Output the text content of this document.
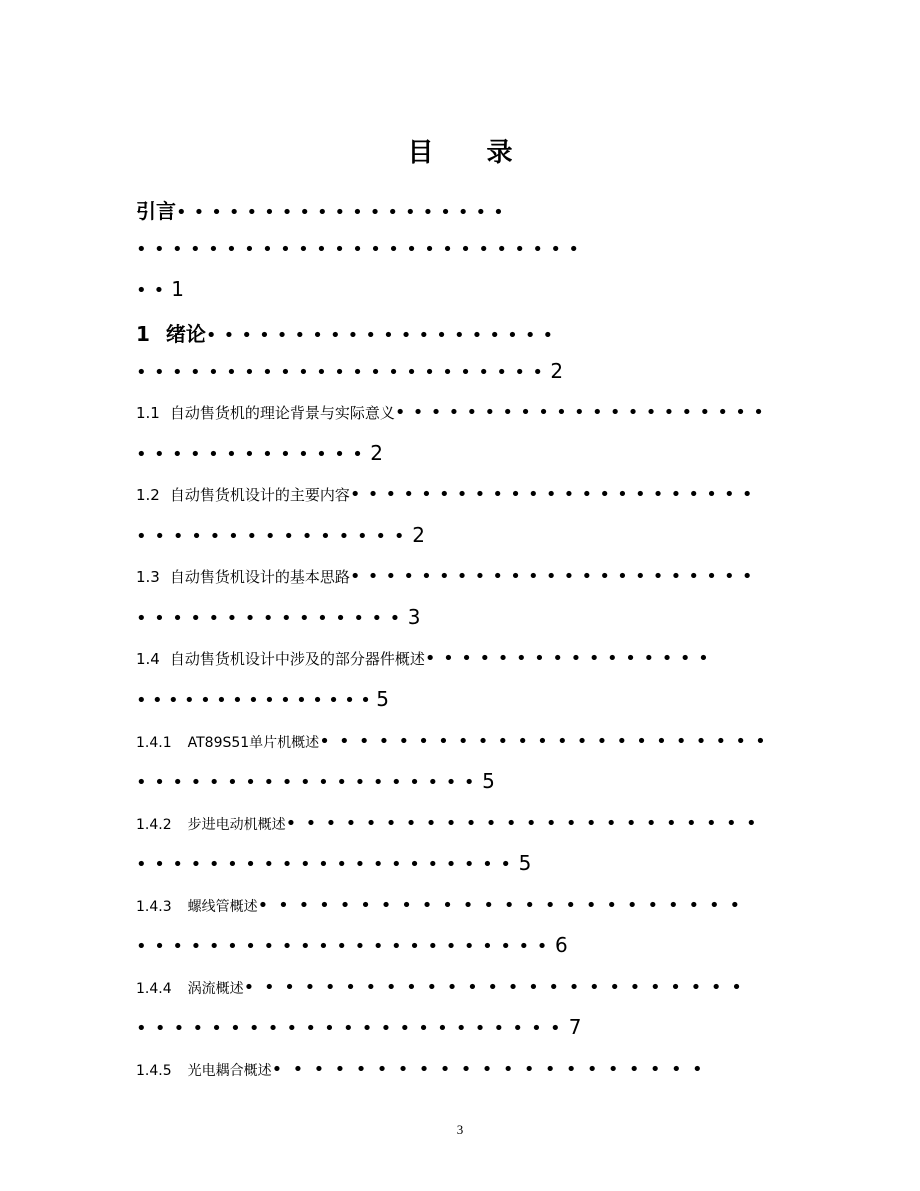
目 录
引言•••••••••••••••••••
•••••••••••••••••••••••••
••1
1 绪论••••••••••••••••••••
•••••••••••••••••••••••2
1.1 自动售货机的理论背景与实际意义•••••••••••••••••••••
•••••••••••••2
1.2 自动售货机设计的主要内容•••••••••••••••••••••••
•••••••••••••••2
1.3 自动售货机设计的基本思路•••••••••••••••••••••••
•••••••••••••••3
1.4 自动售货机设计中涉及的部分器件概述••••••••••••••••
•••••••••••••••5
1.4.1 AT89S51单片机概述•••••••••••••••••••••••
•••••••••••••••••••5
1.4.2 步进电动机概述••••••••••••••••••••••••
•••••••••••••••••••••5
1.4.3 螺线管概述••••••••••••••••••••••••
•••••••••••••••••••••••6
1.4.4 涡流概述•••••••••••••••••••••••••
•••••••••••••••••••••••7
1.4.5 光电耦合概述•••••••••••••••••••••
3
